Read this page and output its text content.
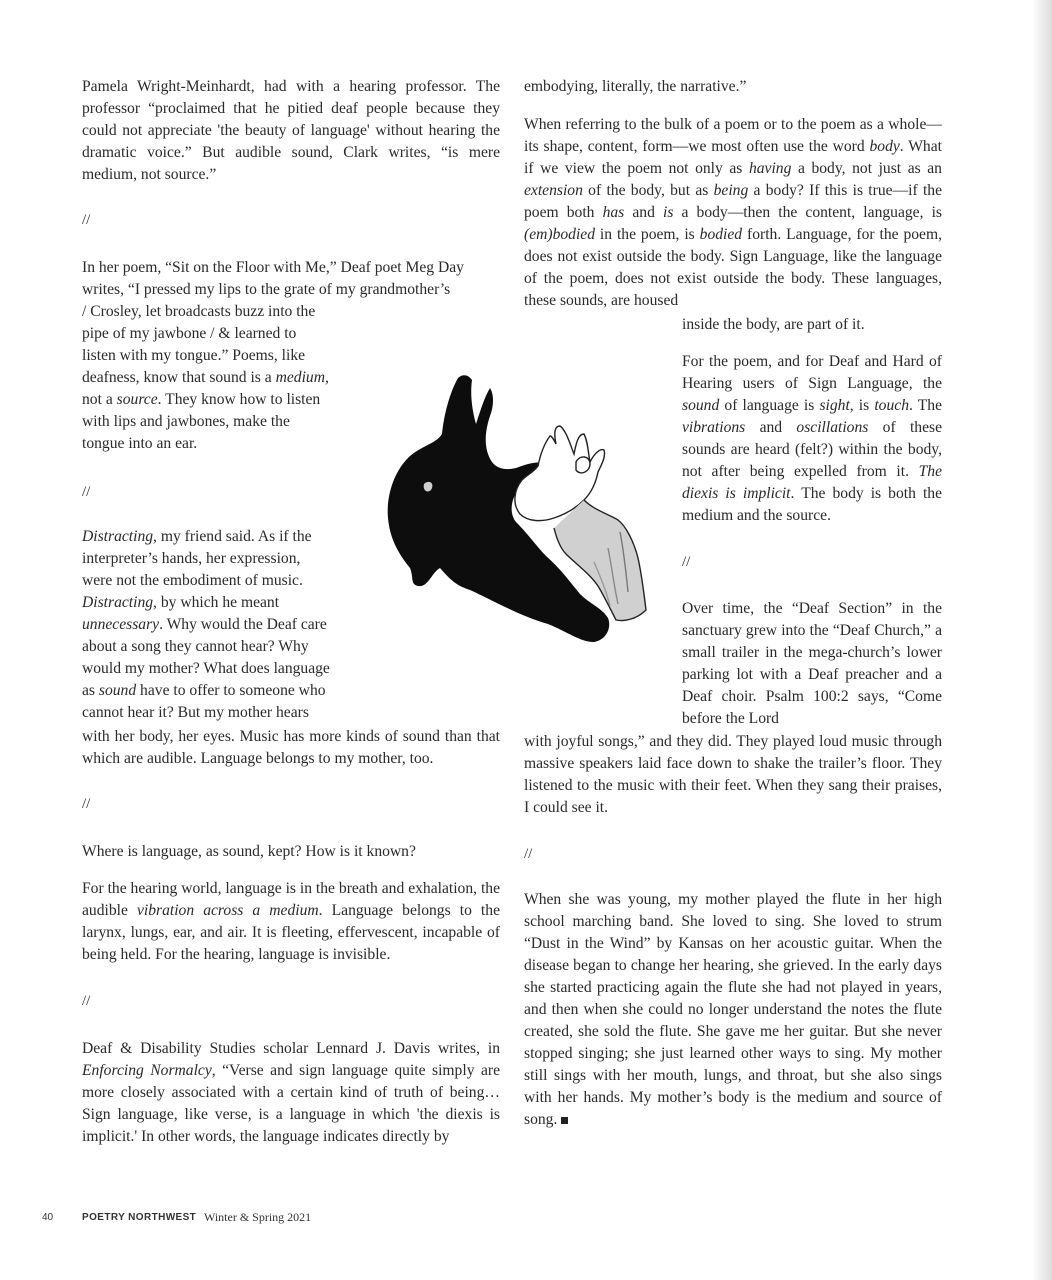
Pamela Wright-Meinhardt, had with a hearing professor. The professor “proclaimed that he pitied deaf people because they could not appreciate 'the beauty of language' without hearing the dramatic voice.” But audible sound, Clark writes, “is mere medium, not source.”

//

In her poem, “Sit on the Floor with Me,” Deaf poet Meg Day
writes, “I pressed my lips to the grate of my grandmother’s
/ Crosley, let broadcasts buzz into the

pipe of my jawbone / & learned to
listen with my tongue.” Poems, like
deafness, know that sound is a medium,
not a source. They know how to listen
with lips and jawbones, make the
tongue into an ear.

//

Distracting, my friend said. As if the
interpreter’s hands, her expression,
were not the embodiment of music.
Distracting, by which he meant
unnecessary. Why would the Deaf care
about a song they cannot hear? Why
would my mother? What does language
as sound have to offer to someone who
cannot hear it? But my mother hears

with her body, her eyes. Music has more kinds of sound than that which are audible. Language belongs to my mother, too.

//

Where is language, as sound, kept? How is it known?

For the hearing world, language is in the breath and exhalation, the audible vibration across a medium. Language belongs to the larynx, lungs, ear, and air. It is fleeting, effervescent, incapable of being held. For the hearing, language is invisible.

//

Deaf & Disability Studies scholar Lennard J. Davis writes, in Enforcing Normalcy, “Verse and sign language quite simply are more closely associated with a certain kind of truth of being… Sign language, like verse, is a language in which 'the diexis is implicit.' In other words, the language indicates directly by

embodying, literally, the narrative.”

When referring to the bulk of a poem or to the poem as a whole—its shape, content, form—we most often use the word body. What if we view the poem not only as having a body, not just as an extension of the body, but as being a body? If this is true—if the poem both has and is a body—then the content, language, is (em)bodied in the poem, is bodied forth. Language, for the poem, does not exist outside the body. Sign Language, like the language of the poem, does not exist outside the body. These languages, these sounds, are housed

inside the body, are part of it.

For the poem, and for Deaf and Hard of Hearing users of Sign Language, the sound of language is sight, is touch. The vibrations and oscillations of these sounds are heard (felt?) within the body, not after being expelled from it. The diexis is implicit. The body is both the medium and the source.

//

Over time, the “Deaf Section” in the sanctuary grew into the “Deaf Church,” a small trailer in the mega-church’s lower parking lot with a Deaf preacher and a Deaf choir. Psalm 100:2 says, “Come before the Lord

with joyful songs,” and they did. They played loud music through massive speakers laid face down to shake the trailer’s floor. They listened to the music with their feet. When they sang their praises, I could see it.

//

When she was young, my mother played the flute in her high school marching band. She loved to sing. She loved to strum “Dust in the Wind” by Kansas on her acoustic guitar. When the disease began to change her hearing, she grieved. In the early days she started practicing again the flute she had not played in years, and then when she could no longer understand the notes the flute created, she sold the flute. She gave me her guitar. But she never stopped singing; she just learned other ways to sing. My mother still sings with her mouth, lungs, and throat, but she also sings with her hands. My mother’s body is the medium and source of song.

40	POETRY NORTHWEST Winter & Spring 2021
